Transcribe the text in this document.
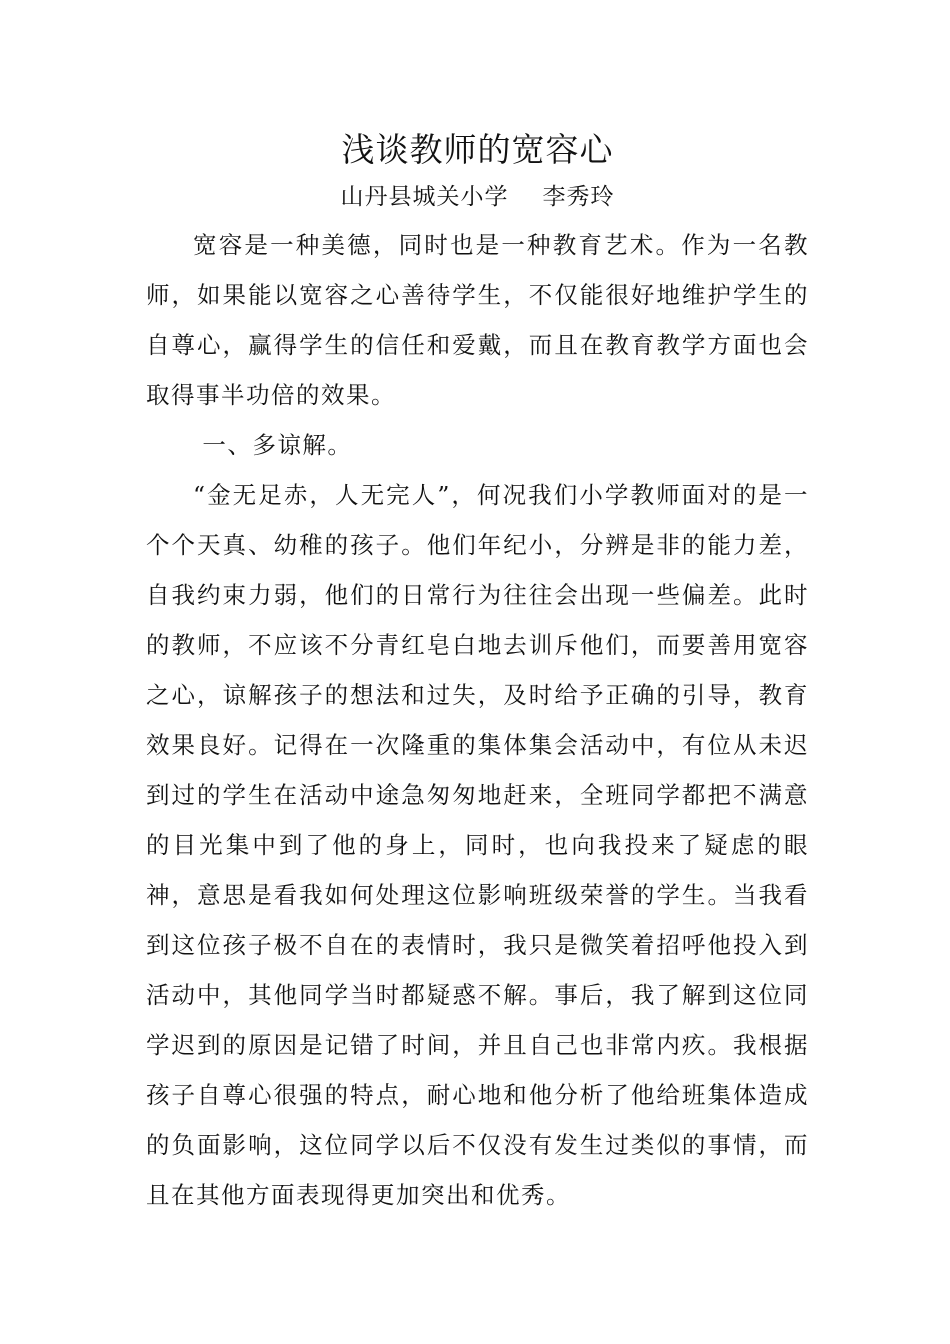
浅谈教师的宽容心
山丹县城关小学 李秀玲

宽容是一种美德，同时也是一种教育艺术。作为一名教师，如果能以宽容之心善待学生，不仅能很好地维护学生的自尊心，赢得学生的信任和爱戴，而且在教育教学方面也会取得事半功倍的效果。

一、多谅解。

“金无足赤，人无完人”，何况我们小学教师面对的是一个个天真、幼稚的孩子。他们年纪小，分辨是非的能力差，自我约束力弱，他们的日常行为往往会出现一些偏差。此时的教师，不应该不分青红皂白地去训斥他们，而要善用宽容之心，谅解孩子的想法和过失，及时给予正确的引导，教育效果良好。记得在一次隆重的集体集会活动中，有位从未迟到过的学生在活动中途急匆匆地赶来，全班同学都把不满意的目光集中到了他的身上，同时，也向我投来了疑虑的眼神，意思是看我如何处理这位影响班级荣誉的学生。当我看到这位孩子极不自在的表情时，我只是微笑着招呼他投入到活动中，其他同学当时都疑惑不解。事后，我了解到这位同学迟到的原因是记错了时间，并且自己也非常内疚。我根据孩子自尊心很强的特点，耐心地和他分析了他给班集体造成的负面影响，这位同学以后不仅没有发生过类似的事情，而且在其他方面表现得更加突出和优秀。
